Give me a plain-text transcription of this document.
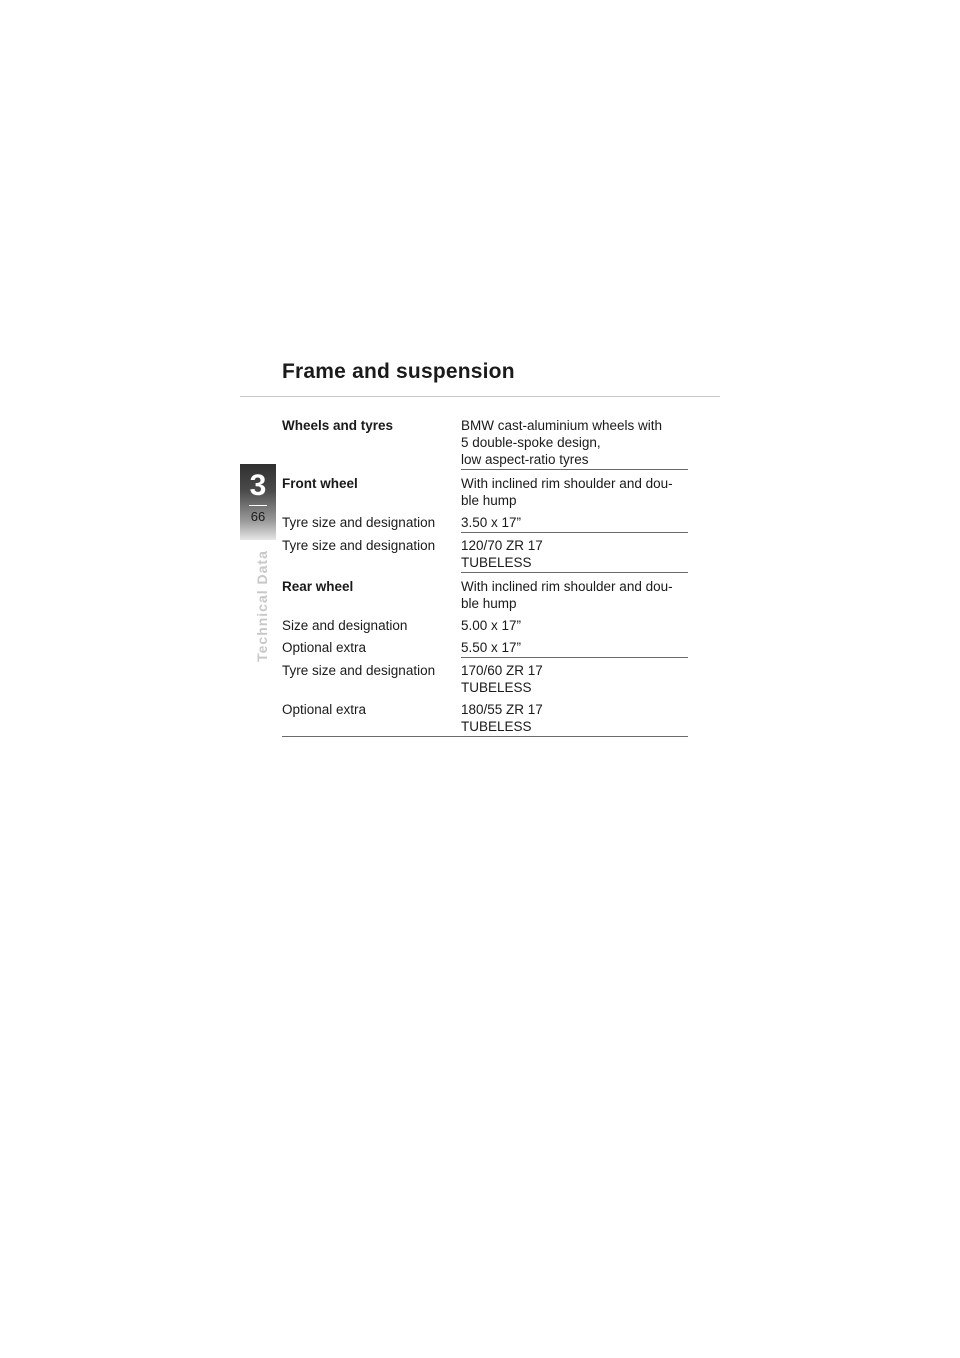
Frame and suspension
3
66
Technical Data
Wheels and tyres	BMW cast-aluminium wheels with
5 double-spoke design,
low aspect-ratio tyres
Front wheel	With inclined rim shoulder and dou-
ble hump
Tyre size and designation	3.50 x 17”
Tyre size and designation	120/70 ZR 17
TUBELESS
Rear wheel	With inclined rim shoulder and dou-
ble hump
Size and designation	5.00 x 17”
Optional extra	5.50 x 17”
Tyre size and designation	170/60 ZR 17
TUBELESS
Optional extra	180/55 ZR 17
TUBELESS
